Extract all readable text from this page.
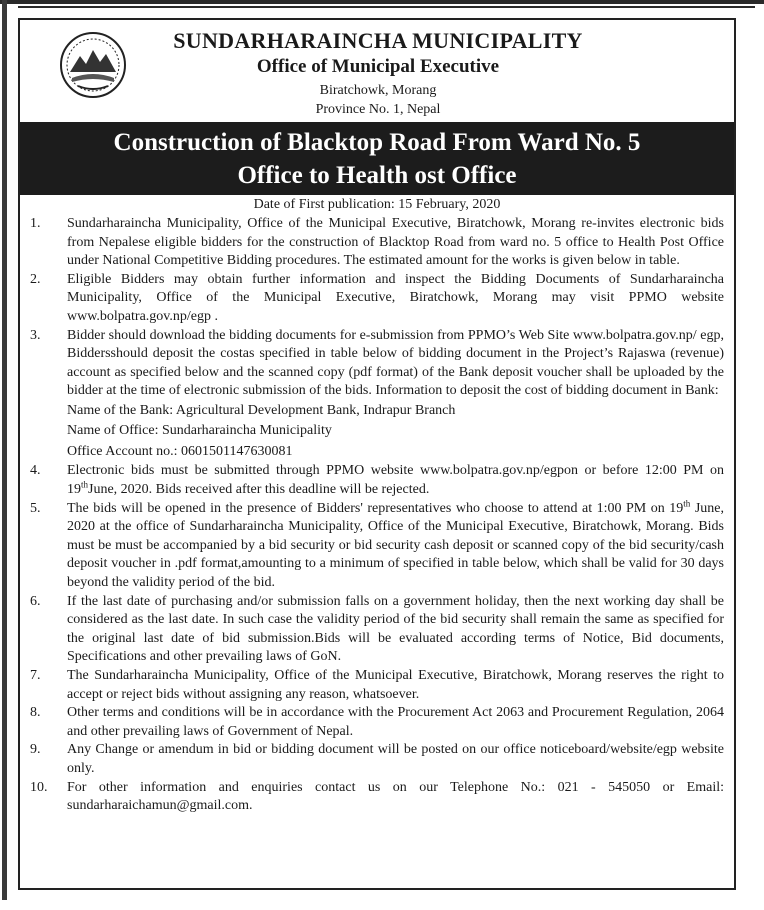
SUNDARHARAINCHA MUNICIPALITY
Office of Municipal Executive
Biratchowk, Morang
Province No. 1, Nepal
Construction of Blacktop Road From Ward No. 5
Office to Health ost Office
Date of First publication: 15 February, 2020
1.	Sundarharaincha Municipality, Office of the Municipal Executive, Biratchowk, Morang re-invites electronic bids from Nepalese eligible bidders for the construction of Blacktop Road from ward no. 5 office to Health Post Office under National Competitive Bidding procedures. The estimated amount for the works is given below in table.
2.	Eligible Bidders may obtain further information and inspect the Bidding Documents of Sundarharaincha Municipality, Office of the Municipal Executive, Biratchowk, Morang may visit PPMO website www.bolpatra.gov.np/egp .
3.	Bidder should download the bidding documents for e-submission from PPMO’s Web Site www.bolpatra.gov.np/ egp, Biddersshould deposit the costas specified in table below of bidding document in the Project’s Rajaswa (revenue) account as specified below and the scanned copy (pdf format) of the Bank deposit voucher shall be uploaded by the bidder at the time of electronic submission of the bids. Information to deposit the cost of bidding document in Bank:
Name of the Bank: Agricultural Development Bank, Indrapur Branch
Name of Office: Sundarharaincha Municipality
Office Account no.: 0601501147630081
4.	Electronic bids must be submitted through PPMO website www.bolpatra.gov.np/egpon or before 12:00 PM on 19thJune, 2020. Bids received after this deadline will be rejected.
5.	The bids will be opened in the presence of Bidders' representatives who choose to attend at 1:00 PM on 19th June, 2020 at the office of Sundarharaincha Municipality, Office of the Municipal Executive, Biratchowk, Morang. Bids must be must be accompanied by a bid security or bid security cash deposit or scanned copy of the bid security/cash deposit voucher in .pdf format,amounting to a minimum of specified in table below, which shall be valid for 30 days beyond the validity period of the bid.
6.	If the last date of purchasing and/or submission falls on a government holiday, then the next working day shall be considered as the last date. In such case the validity period of the bid security shall remain the same as specified for the original last date of bid submission.Bids will be evaluated according terms of Notice, Bid documents, Specifications and other prevailing laws of GoN.
7.	The Sundarharaincha Municipality, Office of the Municipal Executive, Biratchowk, Morang reserves the right to accept or reject bids without assigning any reason, whatsoever.
8.	Other terms and conditions will be in accordance with the Procurement Act 2063 and Procurement Regulation, 2064 and other prevailing laws of Government of Nepal.
9.	Any Change or amendum in bid or bidding document will be posted on our office noticeboard/website/egp website only.
10.	For other information and enquiries contact us on our Telephone No.: 021 - 545050 or Email: sundarharaichamun@gmail.com.
